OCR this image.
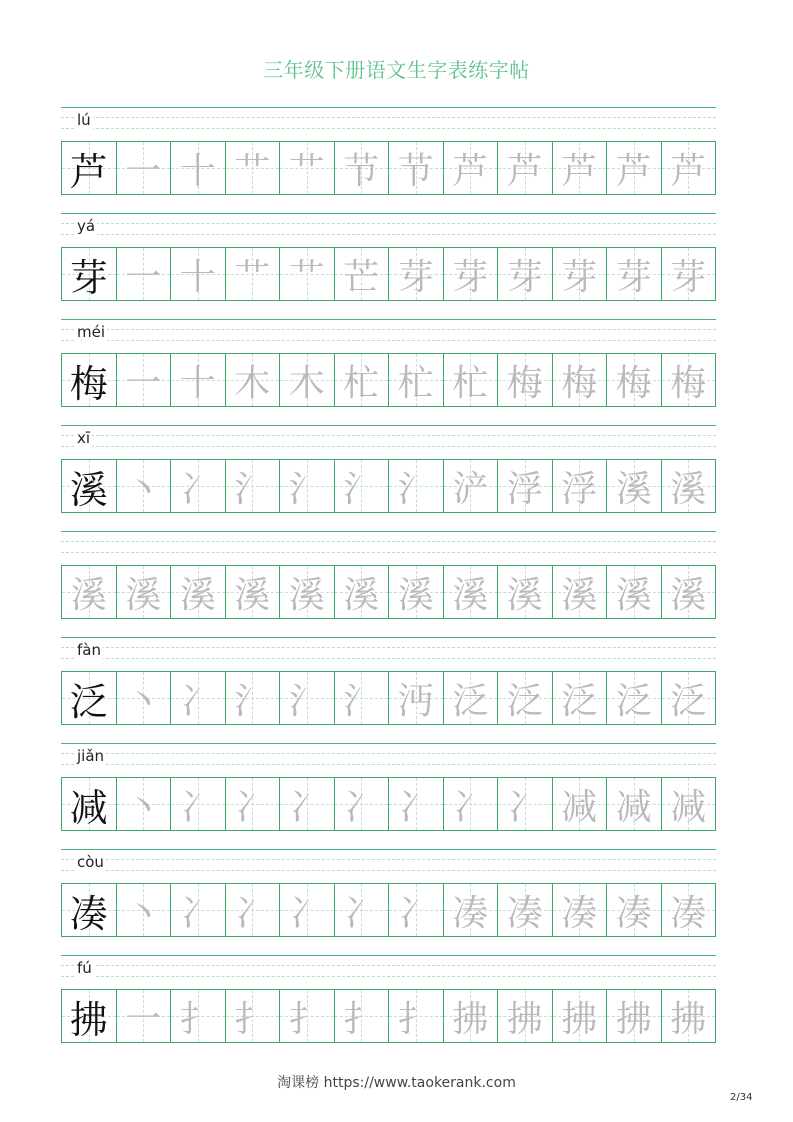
三年级下册语文生字表练字帖
lú
芦 一 十 艹 艹 节 节 芦 芦 芦 芦 芦
yá
芽 一 十 艹 艹 芒 芽 芽 芽 芽 芽 芽
méi
梅 一 十 木 木 杧 杧 杧 梅 梅 梅 梅
xī
溪 丶 冫 氵 氵 氵 氵 浐 浮 浮 溪 溪
溪 溪 溪 溪 溪 溪 溪 溪 溪 溪 溪 溪
fàn
泛 丶 冫 氵 氵 氵 沔 泛 泛 泛 泛 泛
jiǎn
减 丶 冫 冫 冫 冫 冫 冫 冫 减 减 减
còu
凑 丶 冫 冫 冫 冫 冫 凑 凑 凑 凑 凑
fú
拂 一 扌 扌 扌 扌 扌 拂 拂 拂 拂 拂
淘课榜 https://www.taokerank.com
2/34
